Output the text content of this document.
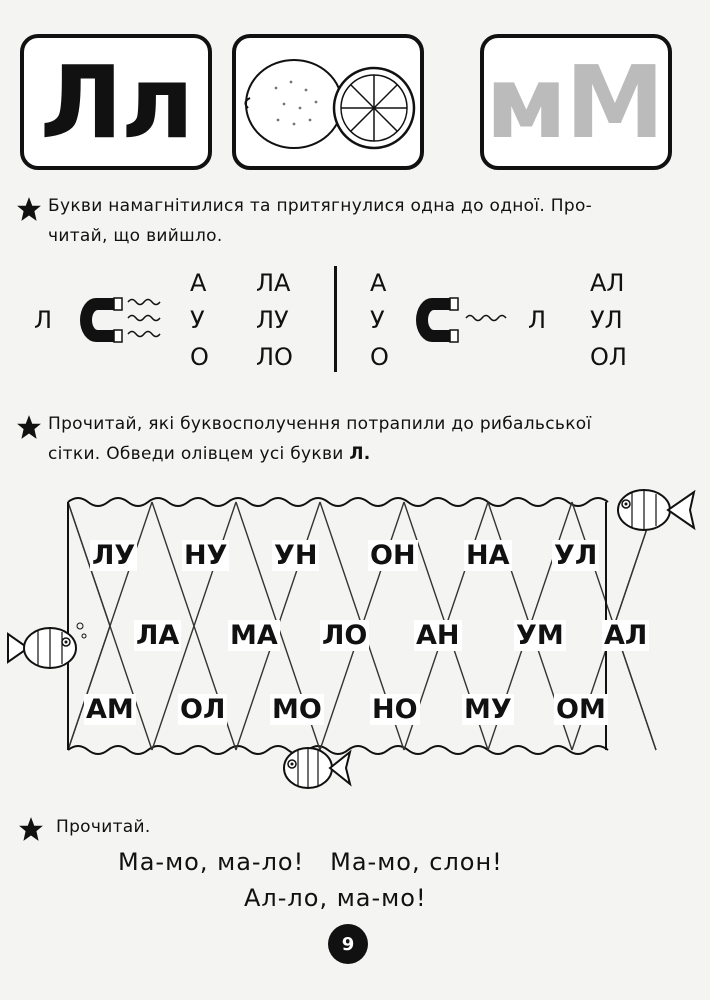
Лл	Мм
Букви намагнітилися та притягнулися одна до одної. Про-
читай, що вийшло.
Л
А
У
О
ЛА
ЛУ
ЛО
А
У
О
Л
АЛ
УЛ
ОЛ
Прочитай, які буквосполучення потрапили до рибальської
сітки. Обведи олівцем усі букви Л.
ЛУ НУ УН ОН НА УЛ
ЛА МА ЛО АН УМ АЛ
АМ ОЛ МО НО МУ ОМ
Прочитай.
Ма-мо, ма-ло!   Ма-мо, слон!
Ал-ло, ма-мо!
9
